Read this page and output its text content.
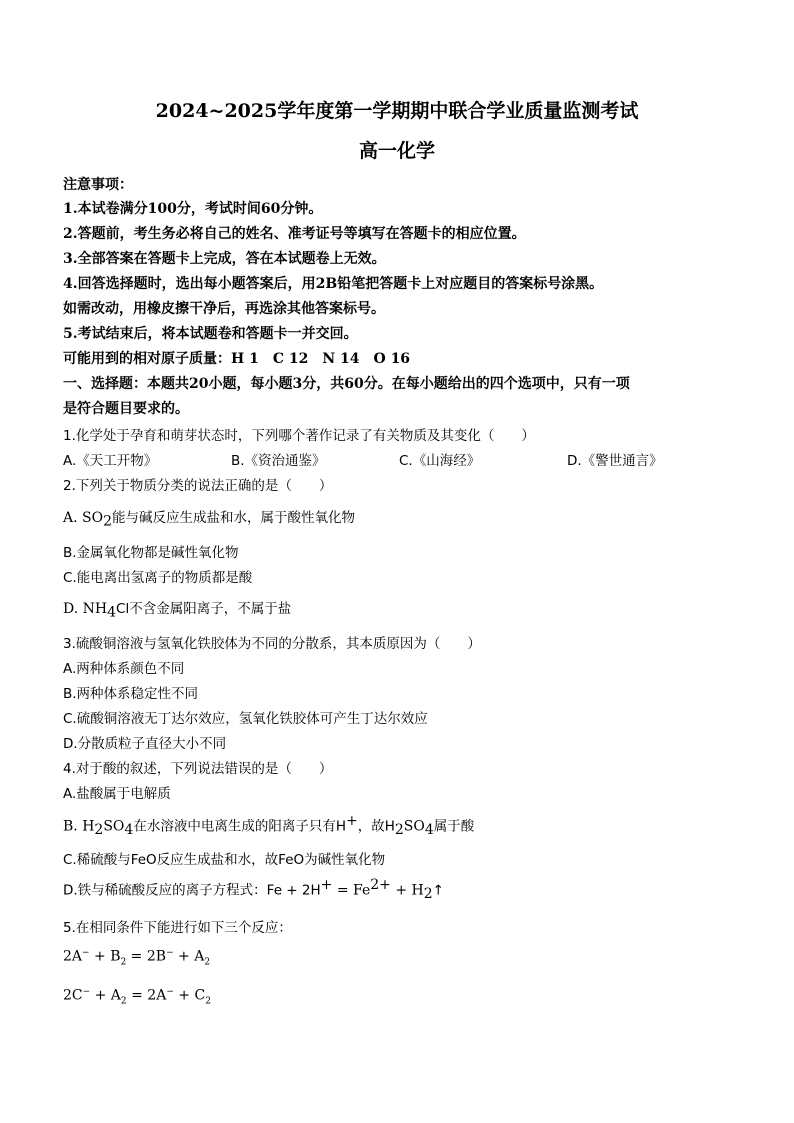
2024~2025学年度第一学期期中联合学业质量监测考试
高一化学
注意事项：
1.本试卷满分100分，考试时间60分钟。
2.答题前，考生务必将自己的姓名、准考证号等填写在答题卡的相应位置。
3.全部答案在答题卡上完成，答在本试题卷上无效。
4.回答选择题时，选出每小题答案后，用2B铅笔把答题卡上对应题目的答案标号涂黑。
如需改动，用橡皮擦干净后，再选涂其他答案标号。
5.考试结束后，将本试题卷和答题卡一并交回。
可能用到的相对原子质量：H 1　C 12　N 14　O 16
一、选择题：本题共20小题，每小题3分，共60分。在每小题给出的四个选项中，只有一项
是符合题目要求的。
1.化学处于孕育和萌芽状态时，下列哪个著作记录了有关物质及其变化（　　）
A.《天工开物》	B.《资治通鉴》	C.《山海经》	D.《警世通言》
2.下列关于物质分类的说法正确的是（　　）
A. $SO_2$能与碱反应生成盐和水，属于酸性氧化物
B.金属氧化物都是碱性氧化物
C.能电离出氢离子的物质都是酸
D. $NH_4Cl$不含金属阳离子，不属于盐
3.硫酸铜溶液与氢氧化铁胶体为不同的分散系，其本质原因为（　　）
A.两种体系颜色不同
B.两种体系稳定性不同
C.硫酸铜溶液无丁达尔效应，氢氧化铁胶体可产生丁达尔效应
D.分散质粒子直径大小不同
4.对于酸的叙述，下列说法错误的是（　　）
A.盐酸属于电解质
B. $H_2SO_4$在水溶液中电离生成的阳离子只有H+，故$H_2SO_4$属于酸
C.稀硫酸与FeO反应生成盐和水，故FeO为碱性氧化物
D.铁与稀硫酸反应的离子方程式：$Fe + 2H^+ = Fe^{2+}$ + $H_2↑$
5.在相同条件下能进行如下三个反应：
$2A^- + B_2 = 2B^- + A_2$
$2C^- + A_2 = 2A^- + C_2$
